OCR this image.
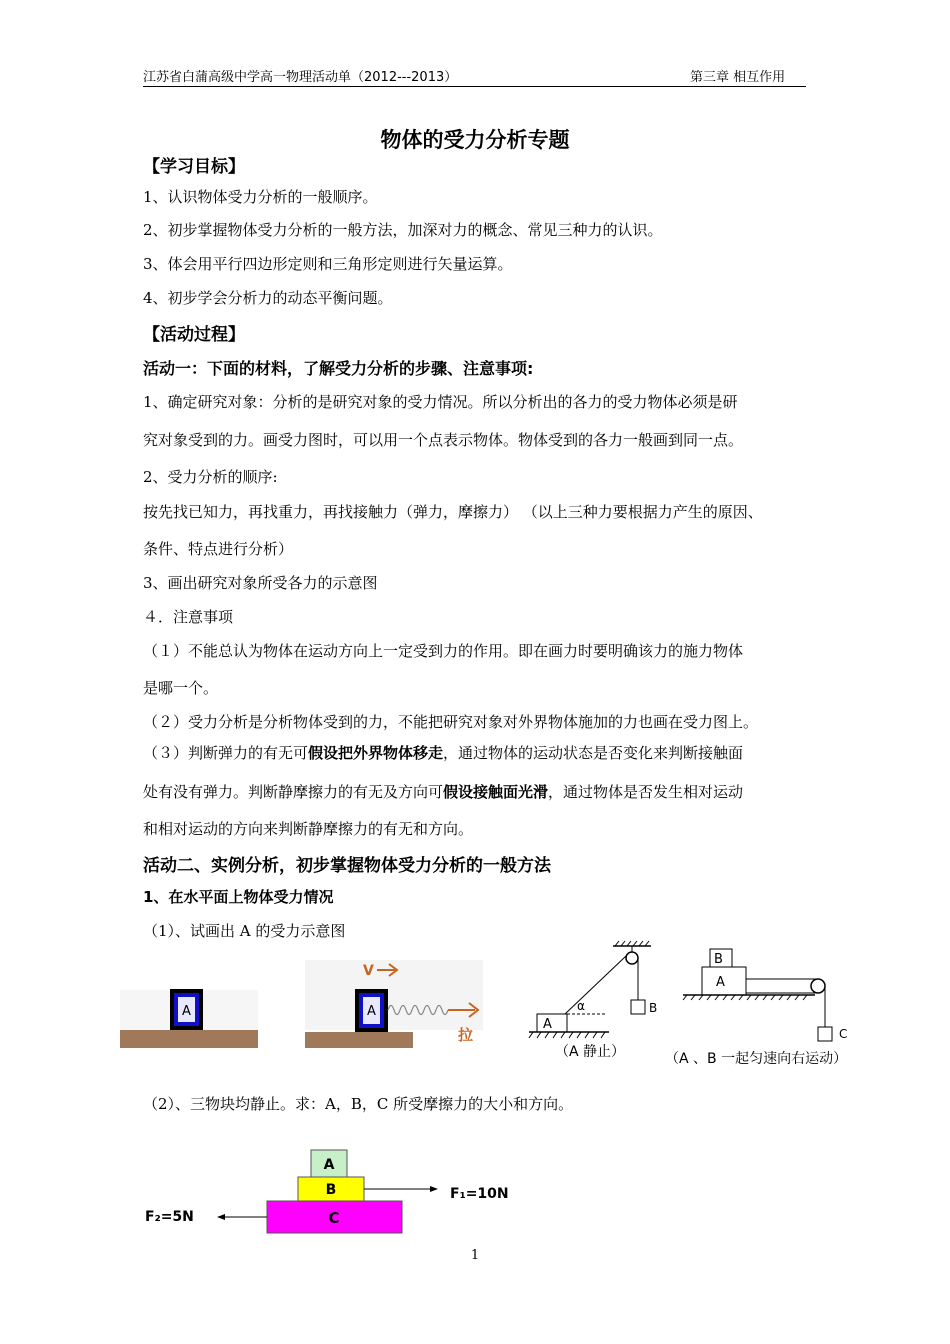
江苏省白蒲高级中学高一物理活动单（2012---2013）	第三章 相互作用
物体的受力分析专题
【学习目标】
1、认识物体受力分析的一般顺序。
2、初步掌握物体受力分析的一般方法，加深对力的概念、常见三种力的认识。
3、体会用平行四边形定则和三角形定则进行矢量运算。
4、初步学会分析力的动态平衡问题。
【活动过程】
活动一：下面的材料，了解受力分析的步骤、注意事项:
1、确定研究对象：分析的是研究对象的受力情况。所以分析出的各力的受力物体必须是研
究对象受到的力。画受力图时，可以用一个点表示物体。物体受到的各力一般画到同一点。
2、受力分析的顺序:
按先找已知力，再找重力，再找接触力（弹力，摩擦力） （以上三种力要根据力产生的原因、
条件、特点进行分析）
3、画出研究对象所受各力的示意图
４．注意事项
（１）不能总认为物体在运动方向上一定受到力的作用。即在画力时要明确该力的施力物体
是哪一个。
（２）受力分析是分析物体受到的力，不能把研究对象对外界物体施加的力也画在受力图上。
（３）判断弹力的有无可假设把外界物体移走，通过物体的运动状态是否变化来判断接触面
处有没有弹力。判断静摩擦力的有无及方向可假设接触面光滑，通过物体是否发生相对运动
和相对运动的方向来判断静摩擦力的有无和方向。
活动二、实例分析，初步掌握物体受力分析的一般方法
1、在水平面上物体受力情况
（1）、试画出 A 的受力示意图
A	A
拉
V
B
A
α
（A 静止）
B
A
C
（A 、B 一起匀速向右运动）
（2）、三物块均静止。求：A，B，C 所受摩擦力的大小和方向。
A
B
C
F₁=10N
F₂=5N
1
